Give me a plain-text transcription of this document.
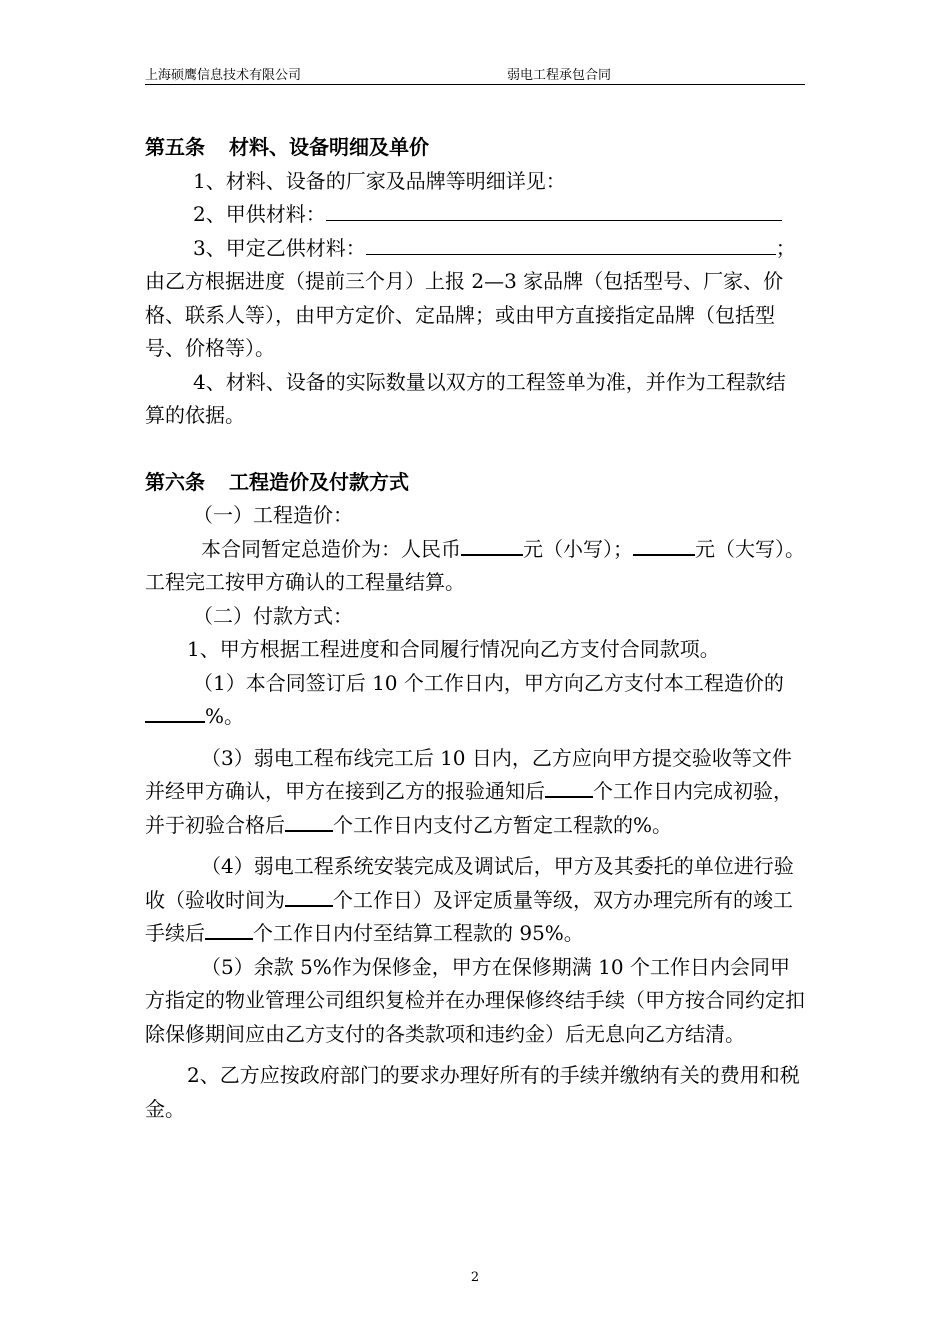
上海硕鹰信息技术有限公司	弱电工程承包合同

第五条 材料、设备明细及单价

1、材料、设备的厂家及品牌等明细详见：

2、甲供材料：

3、甲定乙供材料：	；由乙方根据进度（提前三个月）上报 2—3 家品牌（包括型号、厂家、价格、联系人等），由甲方定价、定品牌；或由甲方直接指定品牌（包括型号、价格等）。

4、材料、设备的实际数量以双方的工程签单为准，并作为工程款结算的依据。

第六条 工程造价及付款方式

（一）工程造价：

本合同暂定总造价为：人民币	元（小写）；	元（大写）。工程完工按甲方确认的工程量结算。

（二）付款方式：

1、甲方根据工程进度和合同履行情况向乙方支付合同款项。

（1）本合同签订后 10 个工作日内，甲方向乙方支付本工程造价的%。

（3）弱电工程布线完工后 10 日内，乙方应向甲方提交验收等文件并经甲方确认，甲方在接到乙方的报验通知后 个工作日内完成初验，并于初验合格后 个工作日内支付乙方暂定工程款的%。

（4）弱电工程系统安装完成及调试后，甲方及其委托的单位进行验收（验收时间为 个工作日）及评定质量等级，双方办理完所有的竣工手续后 个工作日内付至结算工程款的 95%。

（5）余款 5%作为保修金，甲方在保修期满 10 个工作日内会同甲方指定的物业管理公司组织复检并在办理保修终结手续（甲方按合同约定扣除保修期间应由乙方支付的各类款项和违约金）后无息向乙方结清。

2、乙方应按政府部门的要求办理好所有的手续并缴纳有关的费用和税金。

2
